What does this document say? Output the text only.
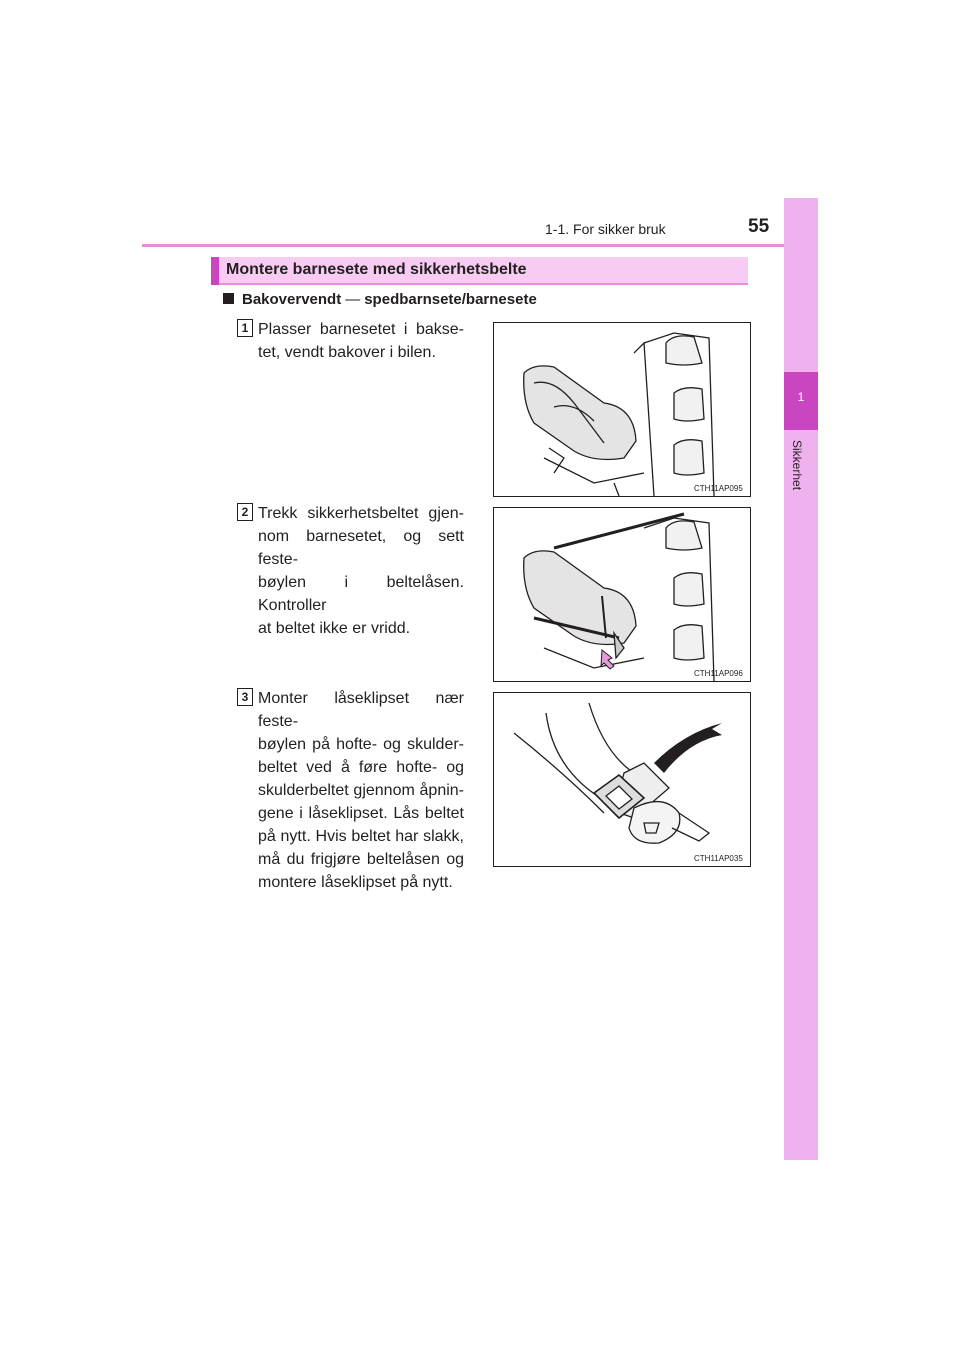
1-1. For sikker bruk	55
1
Sikkerhet
Montere barnesete med sikkerhetsbelte
Bakovervendt — spedbarnsete/barnesete
1 Plasser barnesetet i bakse-
tet, vendt bakover i bilen.
CTH11AP095
2 Trekk sikkerhetsbeltet gjen-
nom barnesetet, og sett feste-
bøylen i beltelåsen. Kontroller
at beltet ikke er vridd.
CTH11AP096
3 Monter låseklipset nær feste-
bøylen på hofte- og skulder-
beltet ved å føre hofte- og
skulderbeltet gjennom åpnin-
gene i låseklipset. Lås beltet
på nytt. Hvis beltet har slakk,
må du frigjøre beltelåsen og
montere låseklipset på nytt.
CTH11AP035
